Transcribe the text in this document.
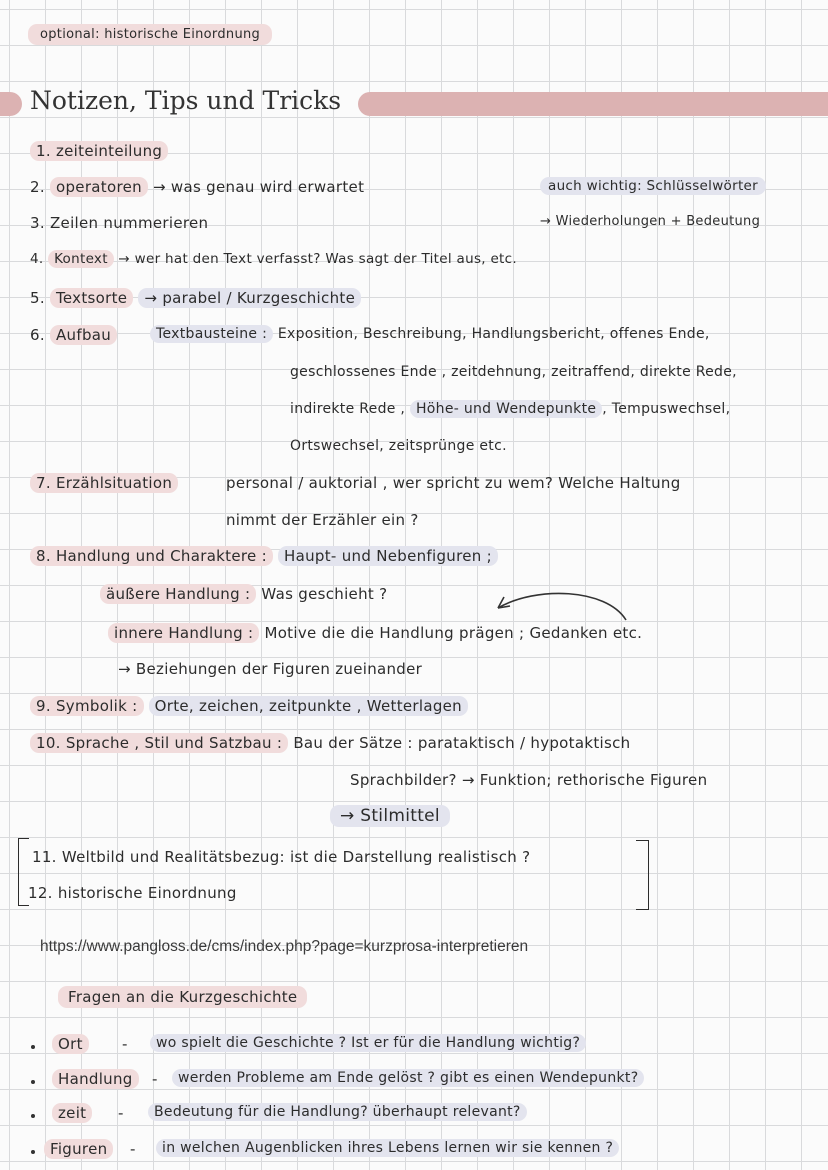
optional: historische Einordnung
Notizen, Tips und Tricks
1. zeiteinteilung
2. operatoren → was genau wird erwartet	auch wichtig: Schlüsselwörter
3. Zeilen nummerieren	→ Wiederholungen + Bedeutung
4. Kontext → wer hat den Text verfasst? Was sagt der Titel aus, etc.
5. Textsorte → parabel / Kurzgeschichte
6. Aufbau	Textbausteine : Exposition, Beschreibung, Handlungsbericht, offenes Ende,
geschlossenes Ende , zeitdehnung, zeitraffend, direkte Rede,
indirekte Rede , Höhe- und Wendepunkte , Tempuswechsel,
Ortswechsel, zeitsprünge etc.
7. Erzählsituation	personal / auktorial , wer spricht zu wem? Welche Haltung
nimmt der Erzähler ein ?
8. Handlung und Charaktere : Haupt- und Nebenfiguren ;
äußere Handlung : Was geschieht ?
innere Handlung : Motive die die Handlung prägen ; Gedanken etc.
→ Beziehungen der Figuren zueinander
9. Symbolik : Orte, zeichen, zeitpunkte , Wetterlagen
10. Sprache , Stil und Satzbau : Bau der Sätze : parataktisch / hypotaktisch
Sprachbilder? → Funktion; rethorische Figuren
→ Stilmittel
11. Weltbild und Realitätsbezug: ist die Darstellung realistisch ?
12. historische Einordnung
https://www.pangloss.de/cms/index.php?page=kurzprosa-interpretieren
Fragen an die Kurzgeschichte
Ort	-	wo spielt die Geschichte ? Ist er für die Handlung wichtig?
Handlung	-	werden Probleme am Ende gelöst ? gibt es einen Wendepunkt?
zeit	-	Bedeutung für die Handlung? überhaupt relevant?
Figuren	-	in welchen Augenblicken ihres Lebens lernen wir sie kennen ?
